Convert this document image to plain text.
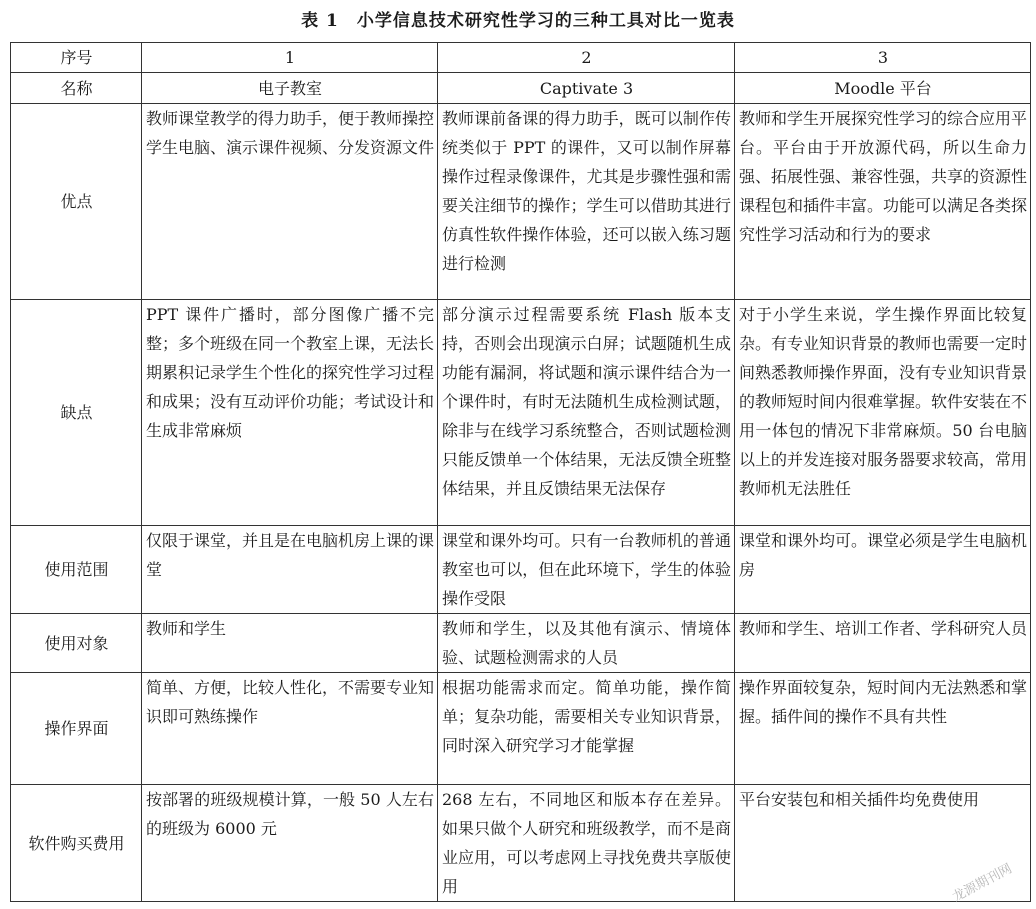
表 1 小学信息技术研究性学习的三种工具对比一览表
序号	1	2	3
名称	电子教室	Captivate 3	Moodle 平台
优点	教师课堂教学的得力助手，便于教师操控学生电脑、演示课件视频、分发资源文件	教师课前备课的得力助手，既可以制作传统类似于 PPT 的课件，又可以制作屏幕操作过程录像课件，尤其是步骤性强和需要关注细节的操作；学生可以借助其进行仿真性软件操作体验，还可以嵌入练习题进行检测	教师和学生开展探究性学习的综合应用平台。平台由于开放源代码，所以生命力强、拓展性强、兼容性强，共享的资源性课程包和插件丰富。功能可以满足各类探究性学习活动和行为的要求
缺点	PPT 课件广播时，部分图像广播不完整；多个班级在同一个教室上课，无法长期累积记录学生个性化的探究性学习过程和成果；没有互动评价功能；考试设计和生成非常麻烦	部分演示过程需要系统 Flash 版本支持，否则会出现演示白屏；试题随机生成功能有漏洞，将试题和演示课件结合为一个课件时，有时无法随机生成检测试题，除非与在线学习系统整合，否则试题检测只能反馈单一个体结果，无法反馈全班整体结果，并且反馈结果无法保存	对于小学生来说，学生操作界面比较复杂。有专业知识背景的教师也需要一定时间熟悉教师操作界面，没有专业知识背景的教师短时间内很难掌握。软件安装在不用一体包的情况下非常麻烦。50 台电脑以上的并发连接对服务器要求较高，常用教师机无法胜任
使用范围	仅限于课堂，并且是在电脑机房上课的课堂	课堂和课外均可。只有一台教师机的普通教室也可以，但在此环境下，学生的体验操作受限	课堂和课外均可。课堂必须是学生电脑机房
使用对象	教师和学生	教师和学生，以及其他有演示、情境体验、试题检测需求的人员	教师和学生、培训工作者、学科研究人员
操作界面	简单、方便，比较人性化，不需要专业知识即可熟练操作	根据功能需求而定。简单功能，操作简单；复杂功能，需要相关专业知识背景，同时深入研究学习才能掌握	操作界面较复杂，短时间内无法熟悉和掌握。插件间的操作不具有共性
软件购买费用	按部署的班级规模计算，一般 50 人左右的班级为 6000 元	268 左右，不同地区和版本存在差异。如果只做个人研究和班级教学，而不是商业应用，可以考虑网上寻找免费共享版使用	平台安装包和相关插件均免费使用
龙源期刊网
